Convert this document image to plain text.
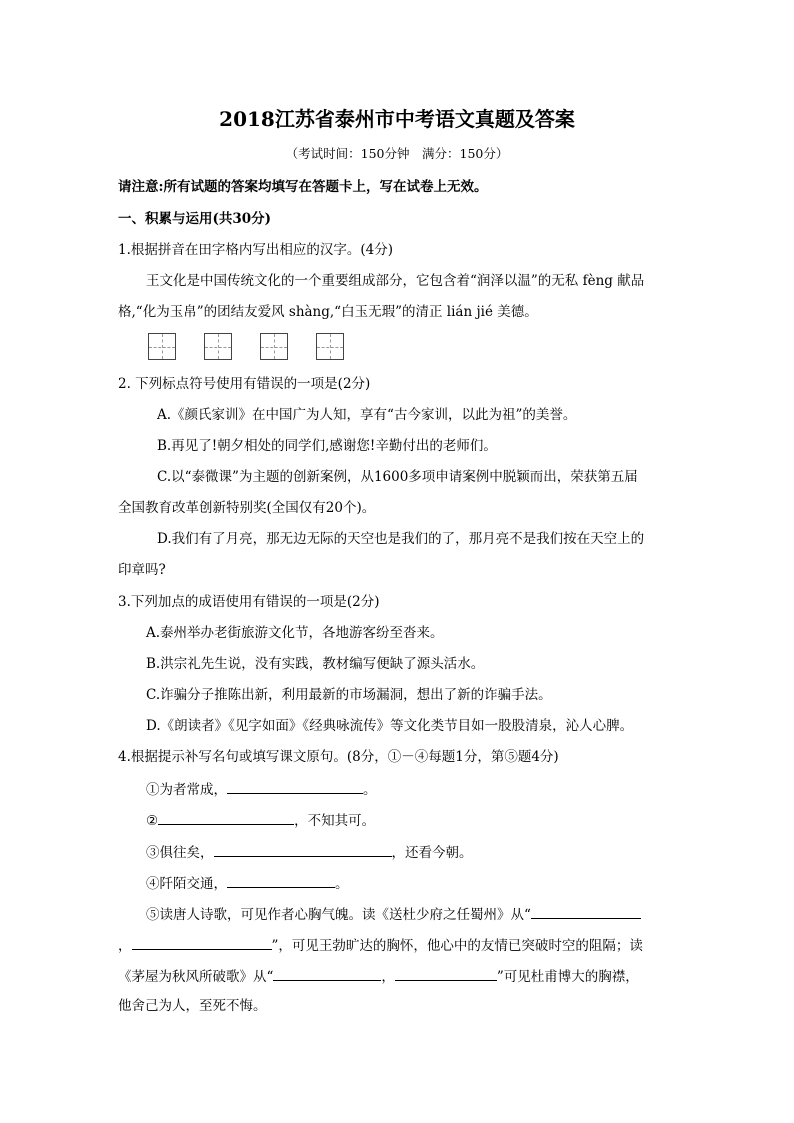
2018江苏省泰州市中考语文真题及答案
（考试时间：150分钟　满分：150分）
请注意:所有试题的答案均填写在答题卡上，写在试卷上无效。
一、积累与运用(共30分)
1.根据拼音在田字格内写出相应的汉字。(4分)
王文化是中国传统文化的一个重要组成部分，它包含着“润泽以温”的无私 fèng 献品
格,“化为玉帛”的团结友爱风 shàng,“白玉无瑕”的清正 lián jié 美德。
2. 下列标点符号使用有错误的一项是(2分)
A.《颜氏家训》在中国广为人知，享有“古今家训，以此为祖”的美誉。
B.再见了!朝夕相处的同学们,感谢您!辛勤付出的老师们。
C.以“泰微课”为主题的创新案例，从1600多项申请案例中脱颖而出，荣获第五届
全国教育改革创新特别奖(全国仅有20个)。
D.我们有了月亮，那无边无际的天空也是我们的了，那月亮不是我们按在天空上的
印章吗?
3.下列加点的成语使用有错误的一项是(2分)
A.泰州举办老街旅游文化节，各地游客纷至沓来。
B.洪宗礼先生说，没有实践，教材编写便缺了源头活水。
C.诈骗分子推陈出新，利用最新的市场漏洞，想出了新的诈骗手法。
D.《朗读者》《见字如面》《经典咏流传》等文化类节目如一股股清泉，沁人心脾。
4.根据提示补写名句或填写课文原句。(8分，①－④每题1分，第⑤题4分)
①为者常成，	。
②	，不知其可。
③俱往矣，	，还看今朝。
④阡陌交通，	。
⑤读唐人诗歌，可见作者心胸气魄。读《送杜少府之任蜀州》从“
，	”，可见王勃旷达的胸怀，他心中的友情已突破时空的阻隔；读
《茅屋为秋风所破歌》从“	，	”可见杜甫博大的胸襟，
他舍己为人，至死不悔。
